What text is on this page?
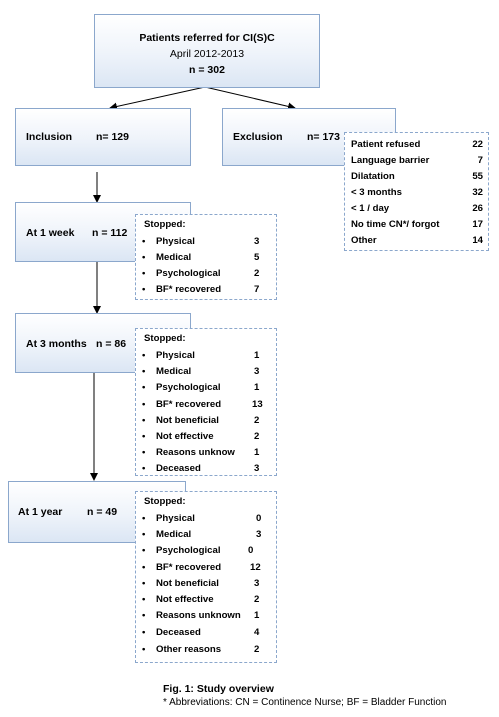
Patients referred for CI(S)C
April 2012-2013
n = 302
Inclusion n= 129	Exclusion n= 173
Patient refused	22
Language barrier	7
Dilatation	55
< 3 months	32
< 1 / day	26
No time CN*/ forgot	17
Other	14
At 1 week n = 112
Stopped:
• Physical	3
• Medical	5
• Psychological	2
• BF* recovered	7
At 3 months n = 86 Stopped:
• Physical	1
• Medical	3
• Psychological	1
• BF* recovered	13
• Not beneficial	2
• Not effective	2
• Reasons unknow 1
• Deceased	3
At 1 year n = 49
Stopped:
• Physical	0
• Medical	3
• Psychological	0
• BF* recovered	12
• Not beneficial	3
• Not effective	2
• Reasons unknown 1
• Deceased	4
• Other reasons	2
Fig. 1: Study overview
* Abbreviations: CN = Continence Nurse; BF = Bladder Function
